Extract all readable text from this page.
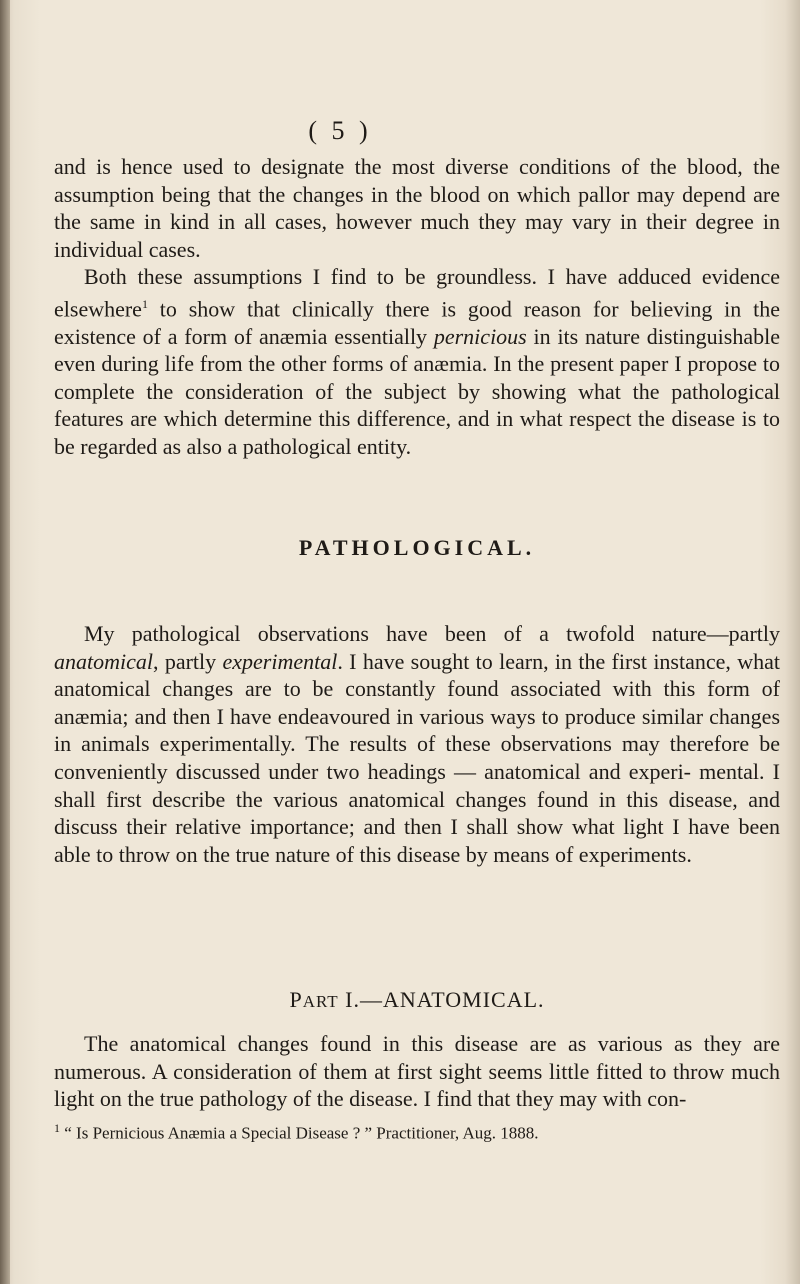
( 5 )
and is hence used to designate the most diverse conditions of the blood, the assumption being that the changes in the blood on which pallor may depend are the same in kind in all cases, however much they may vary in their degree in individual cases.
Both these assumptions I find to be groundless. I have adduced evidence elsewhere$^1$ to show that clinically there is good reason for believing in the existence of a form of anæmia essentially pernicious in its nature distinguishable even during life from the other forms of anæmia. In the present paper I propose to complete the consideration of the subject by showing what the pathological features are which determine this difference, and in what respect the disease is to be regarded as also a pathological entity.
PATHOLOGICAL.
My pathological observations have been of a twofold nature—partly anatomical, partly experimental. I have sought to learn, in the first instance, what anatomical changes are to be constantly found associated with this form of anæmia; and then I have endeavoured in various ways to produce similar changes in animals experimentally. The results of these observations may therefore be conveniently discussed under two headings — anatomical and experi- mental. I shall first describe the various anatomical changes found in this disease, and discuss their relative importance; and then I shall show what light I have been able to throw on the true nature of this disease by means of experiments.
PART I.—ANATOMICAL.
The anatomical changes found in this disease are as various as they are numerous. A consideration of them at first sight seems little fitted to throw much light on the true pathology of the disease. I find that they may with con-
$^1$ “ Is Pernicious Anæmia a Special Disease ? ” Practitioner, Aug. 1888.
